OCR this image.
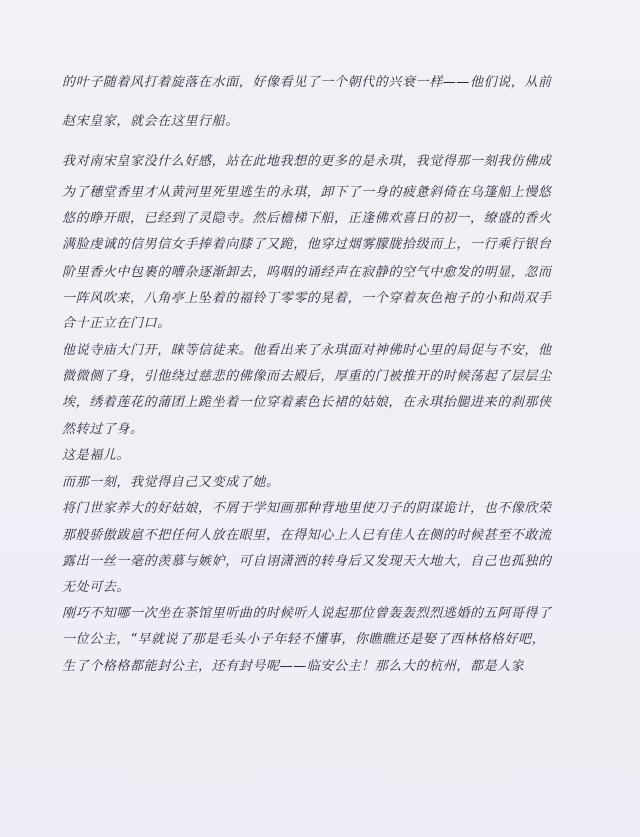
的叶子随着风打着旋落在水面，好像看见了一个朝代的兴衰一样——他们说，从前
赵宋皇家，就会在这里行船。
我对南宋皇家没什么好感，站在此地我想的更多的是永琪，我觉得那一刻我仿佛成
为了穗堂香里才从黄河里死里逃生的永琪，卸下了一身的疲惫斜倚在乌篷船上慢悠
悠的睁开眼，已经到了灵隐寺。然后檐梯下船，正逢佛欢喜日的初一，缭盛的香火
满脸虔诚的信男信女手捧着向膝了又跪，他穿过烟雾朦胧拾级而上，一行乘行银台
阶里香火中包裹的嘈杂逐渐卸去，呜咽的诵经声在寂静的空气中愈发的明显，忽而
一阵风吹来，八角亭上坠着的福铃丁零零的晃着，一个穿着灰色袍子的小和尚双手
合十正立在门口。
他说寺庙大门开，睐等信徒来。他看出来了永琪面对神佛时心里的局促与不安，他
微微侧了身，引他绕过慈悲的佛像而去殿后，厚重的门被推开的时候荡起了层层尘
埃，绣着莲花的蒲团上跪坐着一位穿着素色长裙的姑娘，在永琪抬腿进来的刹那侠
然转过了身。
这是褔儿。
而那一刻，我觉得自己又变成了她。
将门世家养大的好姑娘，不屑于学知画那种背地里使刀子的阴谋诡计，也不像欣荣
那般骄傲跋扈不把任何人放在眼里，在得知心上人已有佳人在侧的时候甚至不敢流
露出一丝一毫的羡慕与嫉妒，可自诩潇洒的转身后又发现天大地大，自己也孤独的
无处可去。
刚巧不知哪一次坐在茶馆里听曲的时候听人说起那位曾轰轰烈烈逃婚的五阿哥得了
一位公主，“早就说了那是毛头小子年轻不懂事，你瞧瞧还是娶了西林格格好吧，
生了个格格都能封公主，还有封号呢——临安公主！那么大的杭州，都是人家
